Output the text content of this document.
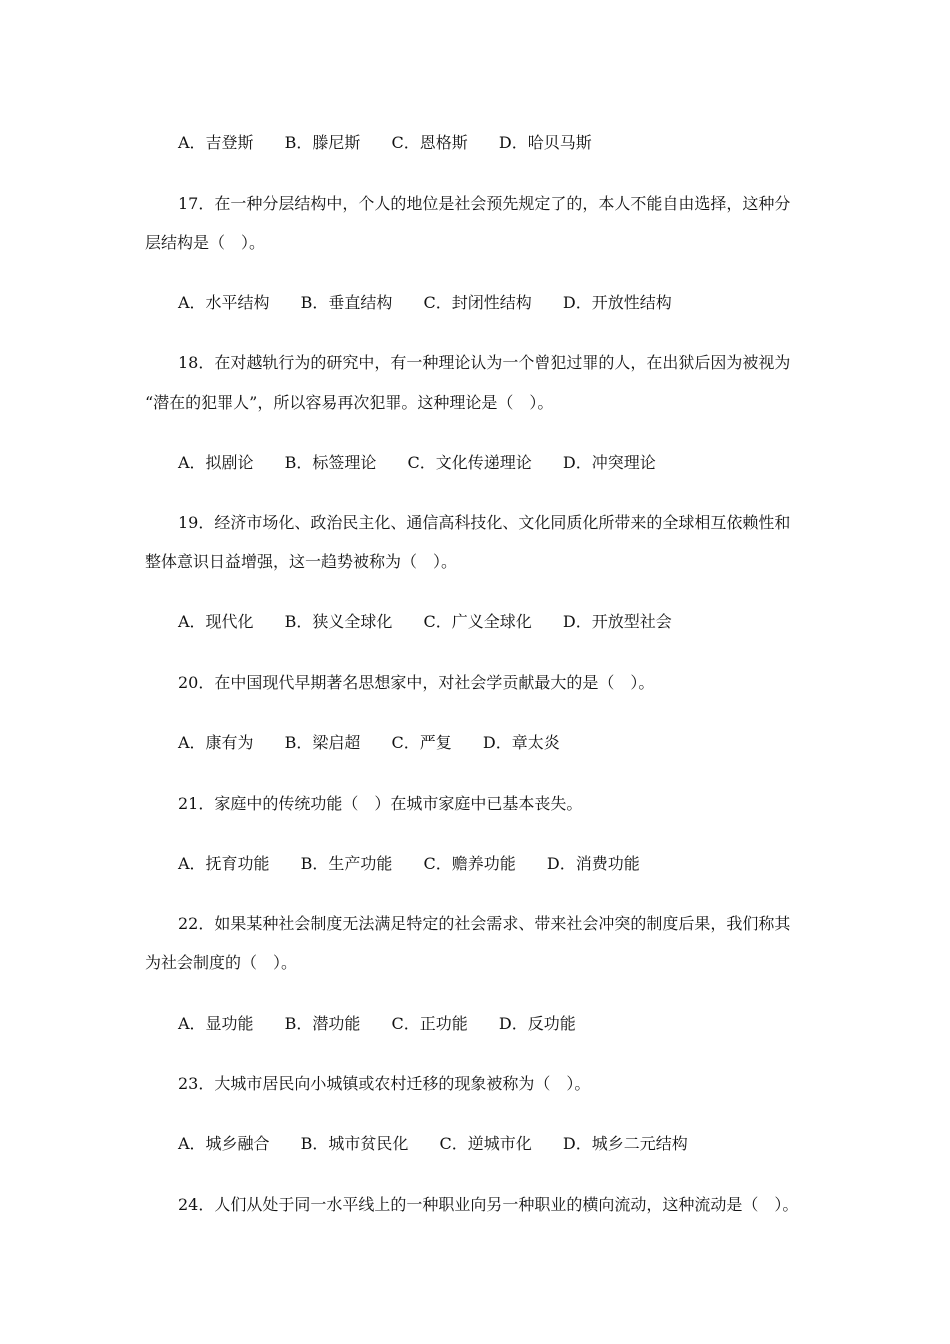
A．吉登斯 B．滕尼斯 C．恩格斯 D．哈贝马斯
17．在一种分层结构中，个人的地位是社会预先规定了的，本人不能自由选择，这种分
层结构是（　）。
A．水平结构 B．垂直结构 C．封闭性结构 D．开放性结构
18．在对越轨行为的研究中，有一种理论认为一个曾犯过罪的人，在出狱后因为被视为
“潜在的犯罪人”，所以容易再次犯罪。这种理论是（　）。
A．拟剧论 B．标签理论 C．文化传递理论 D．冲突理论
19．经济市场化、政治民主化、通信高科技化、文化同质化所带来的全球相互依赖性和
整体意识日益增强，这一趋势被称为（　）。
A．现代化 B．狭义全球化 C．广义全球化 D．开放型社会
20．在中国现代早期著名思想家中，对社会学贡献最大的是（　）。
A．康有为 B．梁启超 C．严复 D．章太炎
21．家庭中的传统功能（　）在城市家庭中已基本丧失。
A．抚育功能 B．生产功能 C．赡养功能 D．消费功能
22．如果某种社会制度无法满足特定的社会需求、带来社会冲突的制度后果，我们称其
为社会制度的（　）。
A．显功能 B．潜功能 C．正功能 D．反功能
23．大城市居民向小城镇或农村迁移的现象被称为（　）。
A．城乡融合 B．城市贫民化 C．逆城市化 D．城乡二元结构
24．人们从处于同一水平线上的一种职业向另一种职业的横向流动，这种流动是（　）。
